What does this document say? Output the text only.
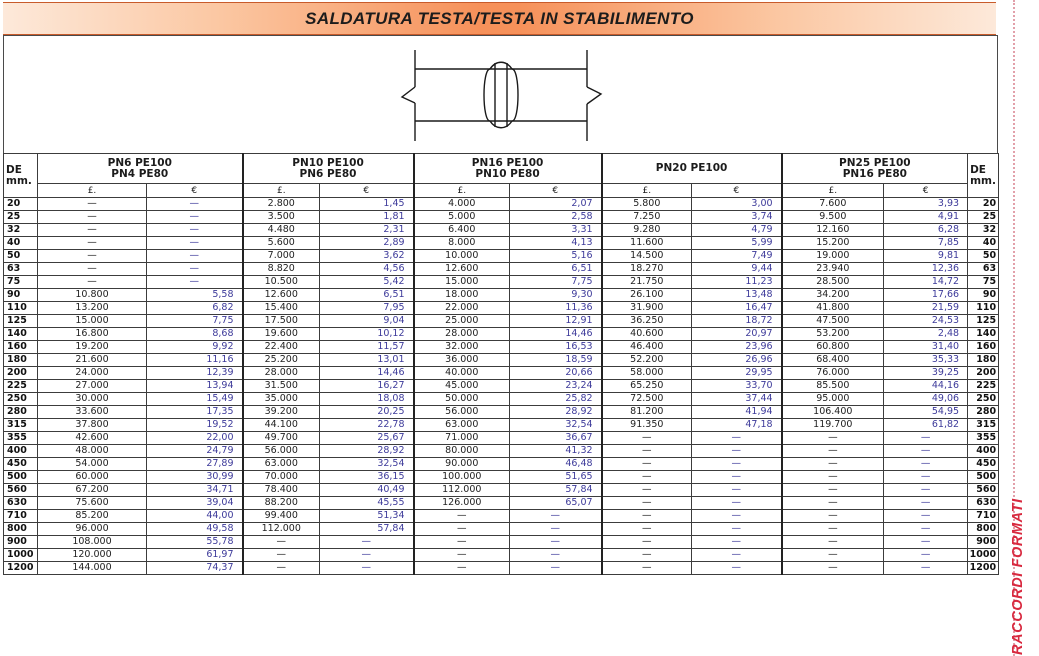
SALDATURA TESTA/TESTA IN STABILIMENTO
DE
mm.	PN6 PE100
PN4 PE80		PN10 PE100
PN6 PE80		PN16 PE100
PN10 PE80		PN20 PE100		PN25 PE100
PN16 PE80		DE
mm.
	£.	€	£.	€	£.	€	£.	€	£.	€	
20	—	—	2.800	1,45	4.000	2,07	5.800	3,00	7.600	3,93	20
25	—	—	3.500	1,81	5.000	2,58	7.250	3,74	9.500	4,91	25
32	—	—	4.480	2,31	6.400	3,31	9.280	4,79	12.160	6,28	32
40	—	—	5.600	2,89	8.000	4,13	11.600	5,99	15.200	7,85	40
50	—	—	7.000	3,62	10.000	5,16	14.500	7,49	19.000	9,81	50
63	—	—	8.820	4,56	12.600	6,51	18.270	9,44	23.940	12,36	63
75	—	—	10.500	5,42	15.000	7,75	21.750	11,23	28.500	14,72	75
90	10.800	5,58	12.600	6,51	18.000	9,30	26.100	13,48	34.200	17,66	90
110	13.200	6,82	15.400	7,95	22.000	11,36	31.900	16,47	41.800	21,59	110
125	15.000	7,75	17.500	9,04	25.000	12,91	36.250	18,72	47.500	24,53	125
140	16.800	8,68	19.600	10,12	28.000	14,46	40.600	20,97	53.200	2,48	140
160	19.200	9,92	22.400	11,57	32.000	16,53	46.400	23,96	60.800	31,40	160
180	21.600	11,16	25.200	13,01	36.000	18,59	52.200	26,96	68.400	35,33	180
200	24.000	12,39	28.000	14,46	40.000	20,66	58.000	29,95	76.000	39,25	200
225	27.000	13,94	31.500	16,27	45.000	23,24	65.250	33,70	85.500	44,16	225
250	30.000	15,49	35.000	18,08	50.000	25,82	72.500	37,44	95.000	49,06	250
280	33.600	17,35	39.200	20,25	56.000	28,92	81.200	41,94	106.400	54,95	280
315	37.800	19,52	44.100	22,78	63.000	32,54	91.350	47,18	119.700	61,82	315
355	42.600	22,00	49.700	25,67	71.000	36,67	—	—	—	—	355
400	48.000	24,79	56.000	28,92	80.000	41,32	—	—	—	—	400
450	54.000	27,89	63.000	32,54	90.000	46,48	—	—	—	—	450
500	60.000	30,99	70.000	36,15	100.000	51,65	—	—	—	—	500
560	67.200	34,71	78.400	40,49	112.000	57,84	—	—	—	—	560
630	75.600	39,04	88.200	45,55	126.000	65,07	—	—	—	—	630
710	85.200	44,00	99.400	51,34	—	—	—	—	—	—	710
800	96.000	49,58	112.000	57,84	—	—	—	—	—	—	800
900	108.000	55,78	—	—	—	—	—	—	—	—	900
1000	120.000	61,97	—	—	—	—	—	—	—	—	1000
1200	144.000	74,37	—	—	—	—	—	—	—	—	1200 RACCORDI FORMATI
